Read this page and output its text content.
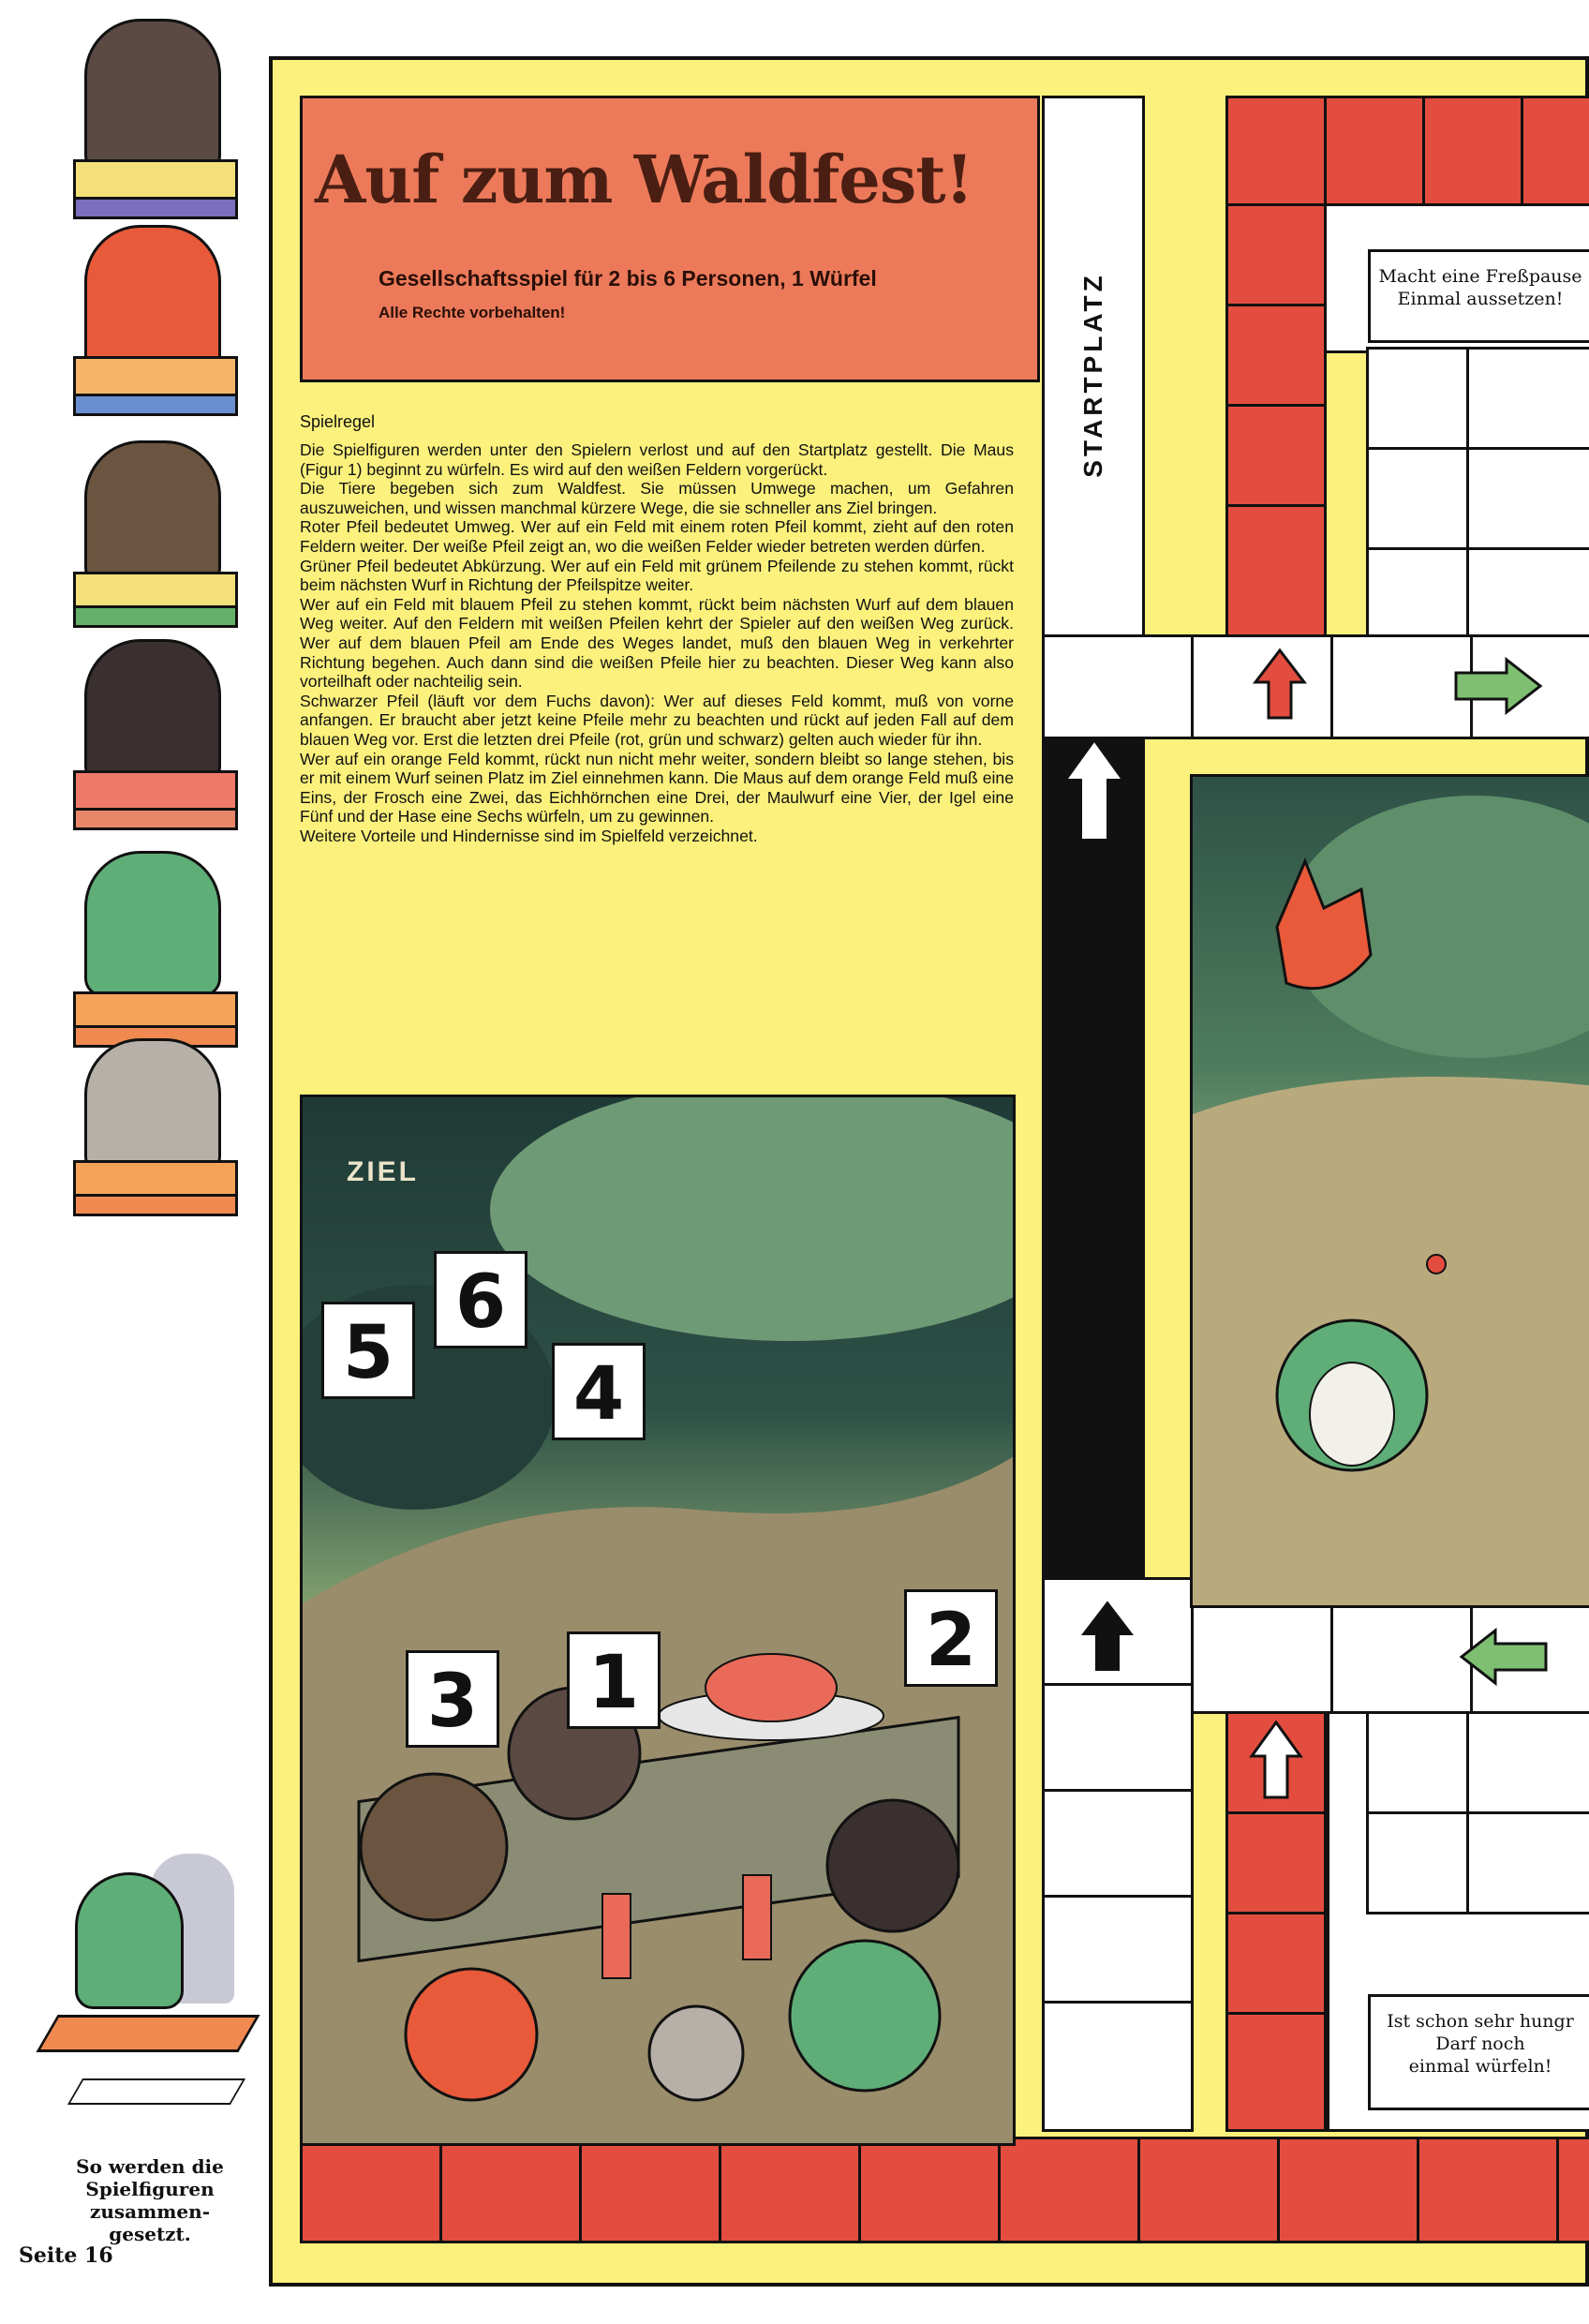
So werden die
Spielfiguren
zusammen-
gesetzt.
Seite 16
STARTPLATZ	Macht eine Freßpause
Einmal aussetzen!
Ist schon sehr hungr
Darf noch
einmal würfeln!
Auf zum Waldfest!
Gesellschaftsspiel für 2 bis 6 Personen, 1 Würfel
Alle Rechte vorbehalten!
Spielregel

Die Spielfiguren werden unter den Spielern verlost und auf den Startplatz gestellt. Die Maus (Figur 1) beginnt zu würfeln. Es wird auf den weißen Feldern vorgerückt.

Die Tiere begeben sich zum Waldfest. Sie müssen Umwege machen, um Gefahren auszuweichen, und wissen manchmal kürzere Wege, die sie schneller ans Ziel bringen.

Roter Pfeil bedeutet Umweg. Wer auf ein Feld mit einem roten Pfeil kommt, zieht auf den roten Feldern weiter. Der weiße Pfeil zeigt an, wo die weißen Felder wieder betreten werden dürfen.

Grüner Pfeil bedeutet Abkürzung. Wer auf ein Feld mit grünem Pfeilende zu stehen kommt, rückt beim nächsten Wurf in Richtung der Pfeilspitze weiter.

Wer auf ein Feld mit blauem Pfeil zu stehen kommt, rückt beim nächsten Wurf auf dem blauen Weg weiter. Auf den Feldern mit weißen Pfeilen kehrt der Spieler auf den weißen Weg zurück. Wer auf dem blauen Pfeil am Ende des Weges landet, muß den blauen Weg in verkehrter Richtung begehen. Auch dann sind die weißen Pfeile hier zu beachten. Dieser Weg kann also vorteilhaft oder nachteilig sein.

Schwarzer Pfeil (läuft vor dem Fuchs davon): Wer auf dieses Feld kommt, muß von vorne anfangen. Er braucht aber jetzt keine Pfeile mehr zu beachten und rückt auf jeden Fall auf dem blauen Weg vor. Erst die letzten drei Pfeile (rot, grün und schwarz) gelten auch wieder für ihn.

Wer auf ein orange Feld kommt, rückt nun nicht mehr weiter, sondern bleibt so lange stehen, bis er mit einem Wurf seinen Platz im Ziel einnehmen kann. Die Maus auf dem orange Feld muß eine Eins, der Frosch eine Zwei, das Eichhörnchen eine Drei, der Maulwurf eine Vier, der Igel eine Fünf und der Hase eine Sechs würfeln, um zu gewinnen.

Weitere Vorteile und Hindernisse sind im Spielfeld verzeichnet.

6
5 4
2
3 1
ZIEL
